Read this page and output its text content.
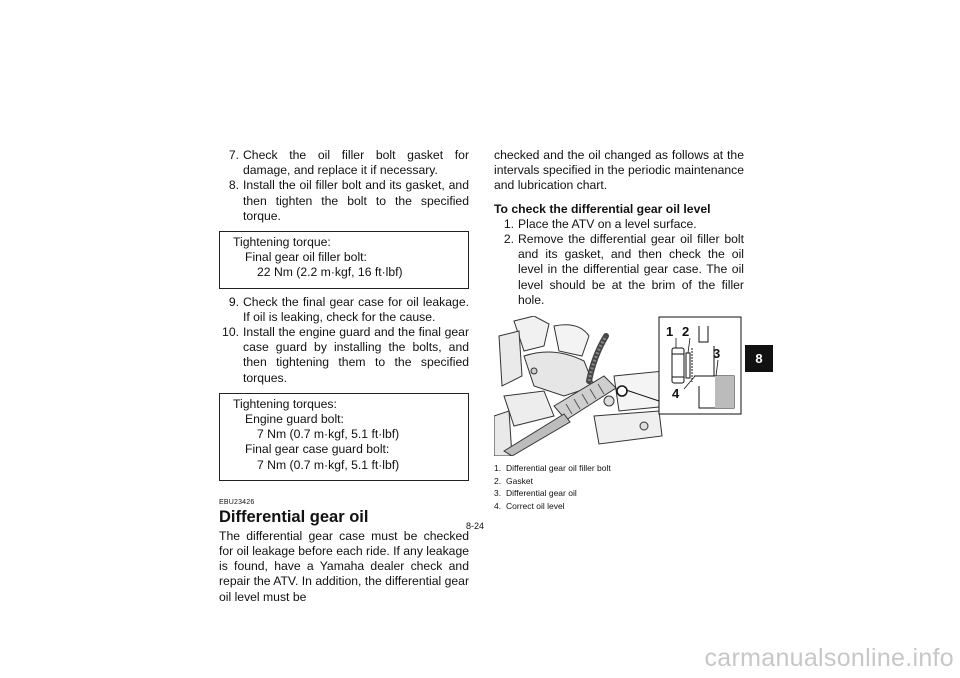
7. Check the oil filler bolt gasket for damage, and replace it if necessary.
8. Install the oil filler bolt and its gasket, and then tighten the bolt to the specified torque.
Tightening torque:
Final gear oil filler bolt:
22 Nm (2.2 m·kgf, 16 ft·lbf)
9. Check the final gear case for oil leakage. If oil is leaking, check for the cause.
10. Install the engine guard and the final gear case guard by installing the bolts, and then tightening them to the specified torques.
Tightening torques:
Engine guard bolt:
7 Nm (0.7 m·kgf, 5.1 ft·lbf)
Final gear case guard bolt:
7 Nm (0.7 m·kgf, 5.1 ft·lbf)
EBU23426
Differential gear oil
The differential gear case must be checked for oil leakage before each ride. If any leakage is found, have a Yamaha dealer check and repair the ATV. In addition, the differential gear oil level must be
checked and the oil changed as follows at the intervals specified in the periodic maintenance and lubrication chart.
To check the differential gear oil level
1. Place the ATV on a level surface.
2. Remove the differential gear oil filler bolt and its gasket, and then check the oil level in the differential gear case. The oil level should be at the brim of the filler hole.
1 2
3
4
1. Differential gear oil filler bolt
2. Gasket
3. Differential gear oil
4. Correct oil level
8-24
8
carmanualsonline.info
